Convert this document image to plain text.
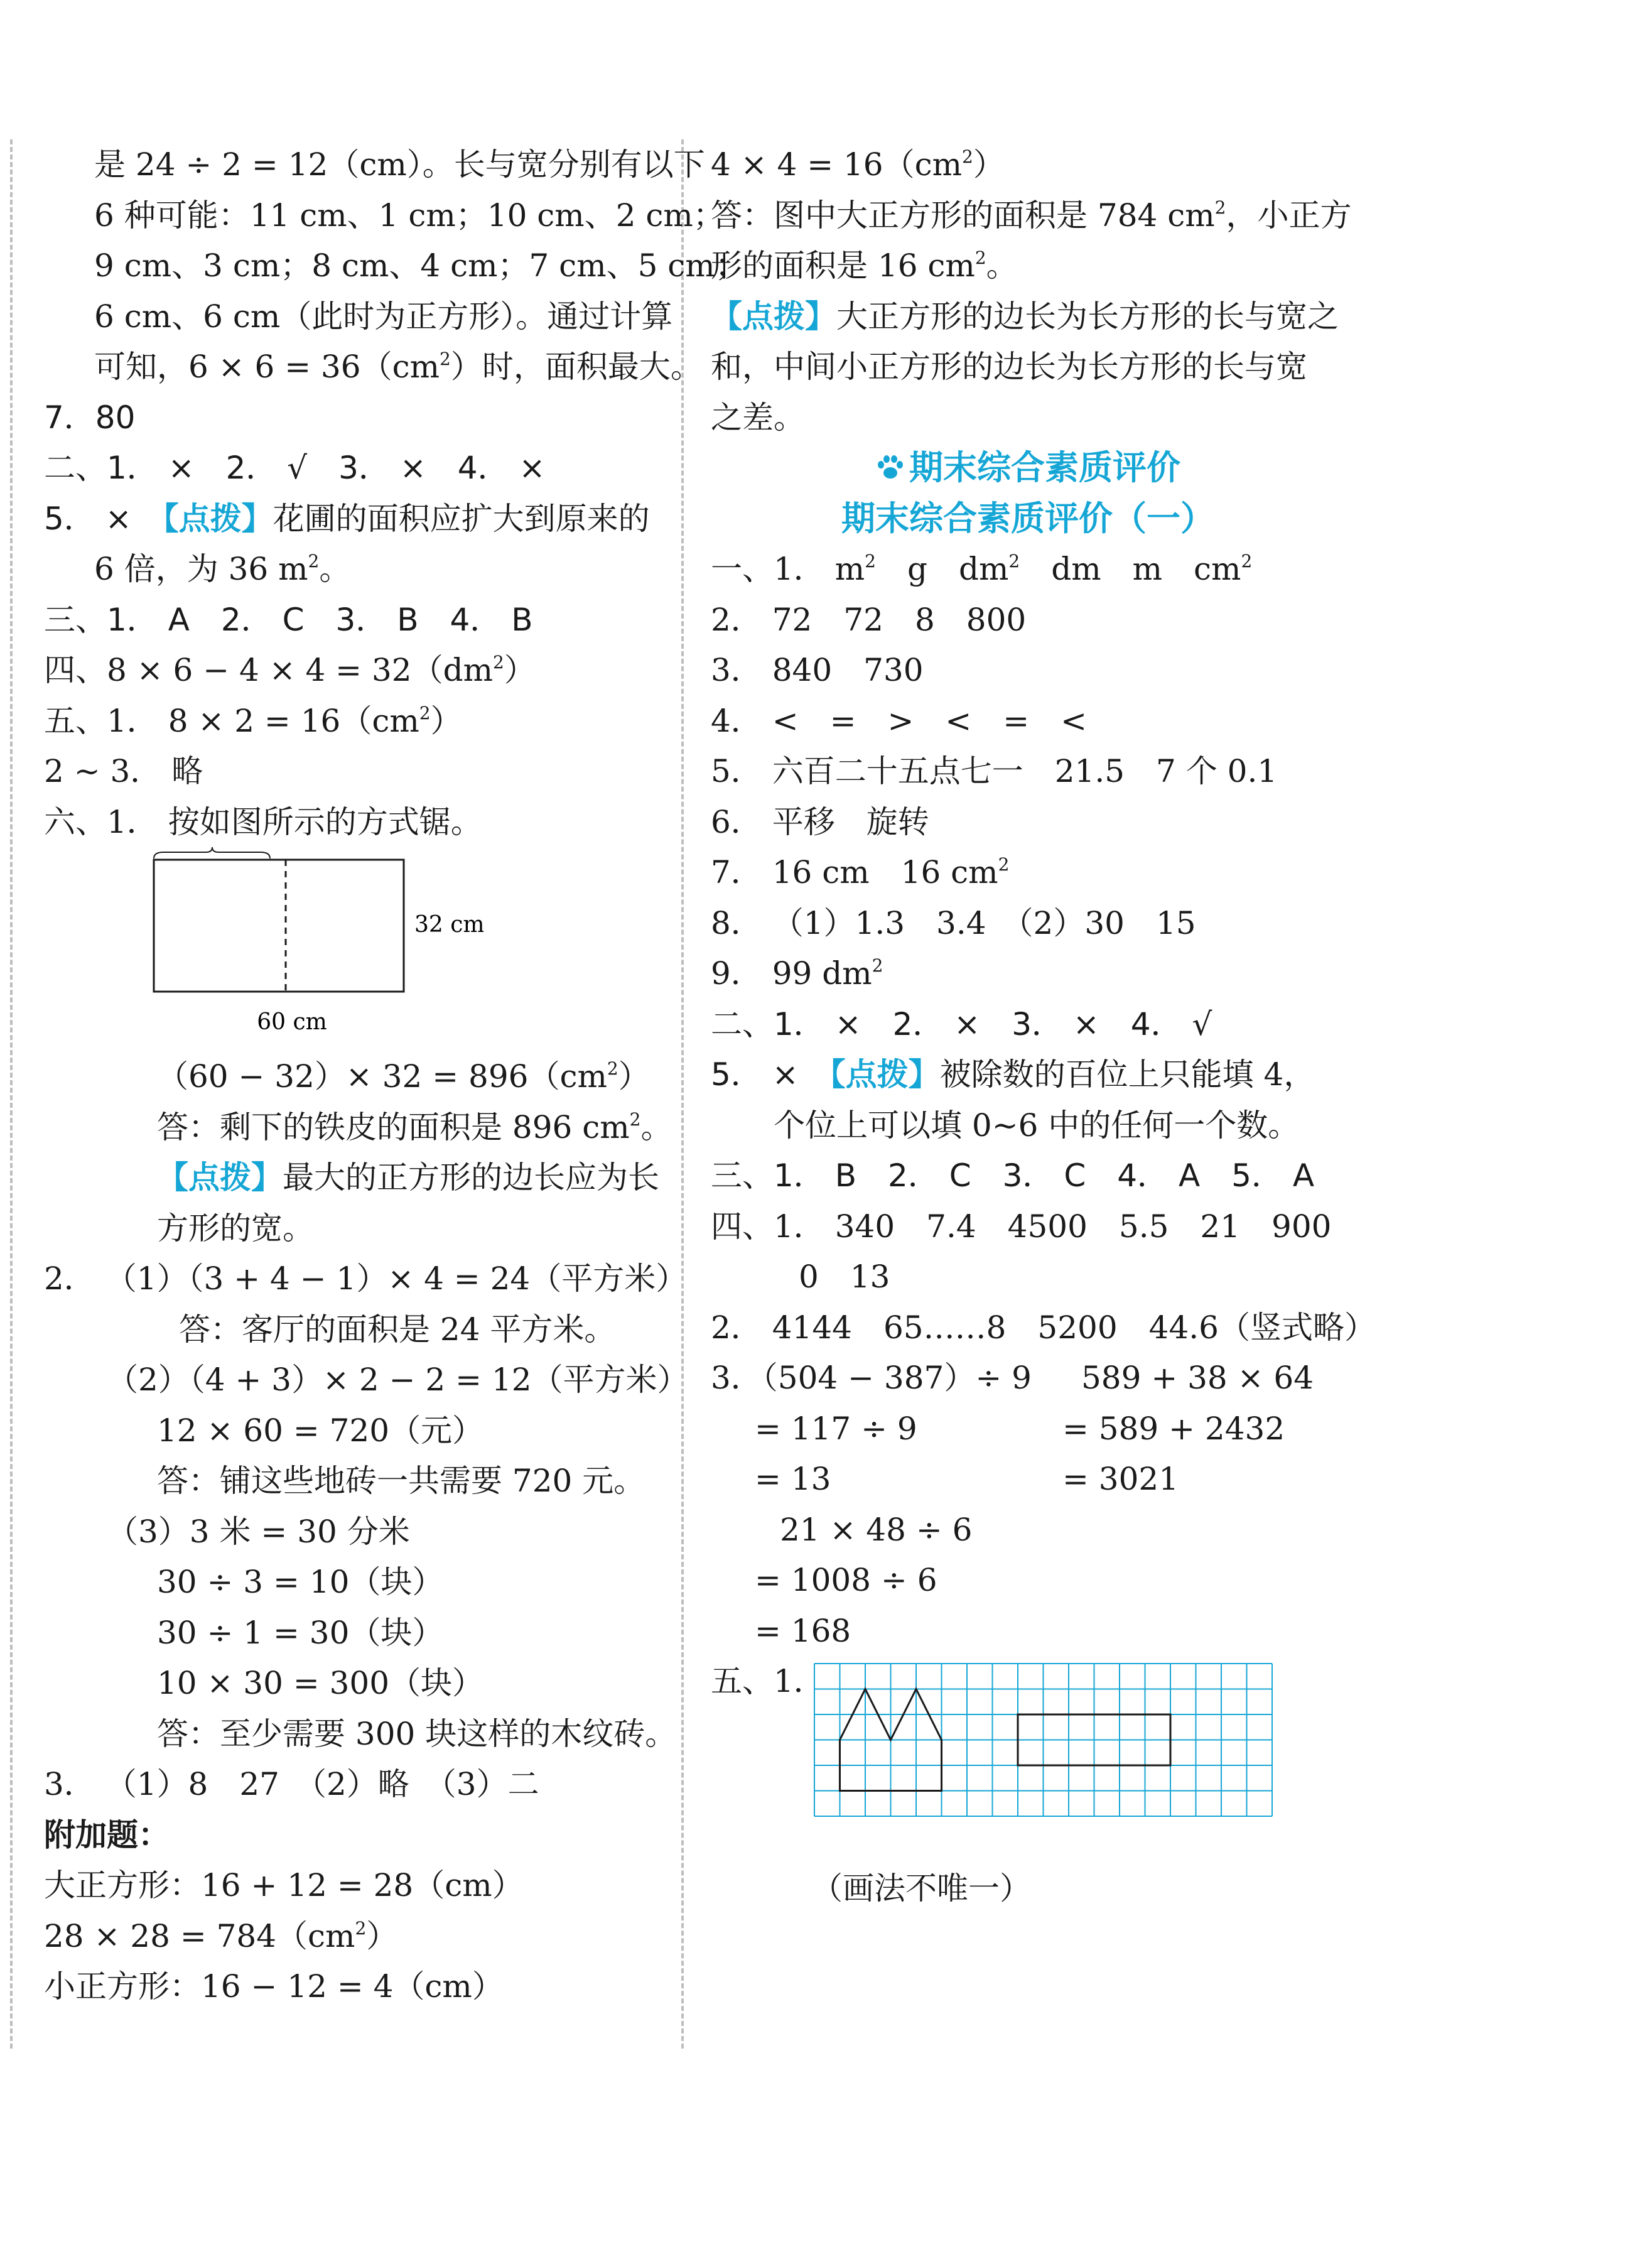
是 24 ÷ 2 = 12（cm）。长与宽分别有以下
6 种可能：11 cm、1 cm；10 cm、2 cm；
9 cm、3 cm；8 cm、4 cm；7 cm、5 cm；
6 cm、6 cm（此时为正方形）。通过计算
可知，$6 \times 6 = 36(cm^2)$时，面积最大。
7．80
二、1． ×　2． √　3． ×　4． ×
5． ×　【点拨】花圃的面积应扩大到原来的
6 倍，为 36 $m^2$。
三、1． A　2． C　3． B　4． B
四、$8 \times 6 - 4 \times 4 = 32(dm^2)$
五、1． $8 \times 2 = 16(cm^2)$
2 ~ 3． 略
六、1． 按如图所示的方式锯。
32 cm
60 cm
$(60 - 32)\times 32 = 896(cm^2)$
答：剩下的铁皮的面积是 896 $cm^2$。
【点拨】最大的正方形的边长应为长
方形的宽。
2． （1）（3 + 4 − 1）× 4 = 24（平方米）
答：客厅的面积是 24 平方米。
（2）（4 + 3）× 2 − 2 = 12（平方米）
12 × 60 = 720（元）
答：铺这些地砖一共需要 720 元。
（3）3 米 = 30 分米
30 ÷ 3 = 10（块）
30 ÷ 1 = 30（块）
10 × 30 = 300（块）
答：至少需要 300 块这样的木纹砖。
3． （1）8　27　（2）略　（3）二
附加题：
大正方形：16 + 12 = 28（cm）
$28 \times 28 = 784(cm^2)$
小正方形：16 − 12 = 4（cm）
$4 \times 4 = 16(cm^2)$
答：图中大正方形的面积是 784 $cm^2$，小正方
形的面积是 16 $cm^2$。
【点拨】大正方形的边长为长方形的长与宽之
和，中间小正方形的边长为长方形的长与宽
之差。
期末综合素质评价
期末综合素质评价（一）
一、1． $m^2$　g　$dm^2$　dm　m　$cm^2$
2． 72　72　8　800
3． 840　730
4． <　=　>　<　=　<
5． 六百二十五点七一　21.5　7 个 0.1
6． 平移　旋转
7． 16 cm　16 $cm^2$
8． （1）1.3　3.4　（2）30　15
9． 99 $dm^2$
二、1． ×　2． ×　3． ×　4． √
5． ×　【点拨】被除数的百位上只能填 4，
个位上可以填 0~6 中的任何一个数。
三、1． B　2． C　3． C　4． A　5． A
四、1． 340　7.4　4500　5.5　21　900
0　13
2． 4144　65……8　5200　44.6（竖式略）
3．（504 − 387）÷ 9 589 + 38 × 64
= 117 ÷ 9	= 589 + 2432
= 13	= 3021
21 × 48 ÷ 6
= 1008 ÷ 6
= 168
五、1．
（画法不唯一）
